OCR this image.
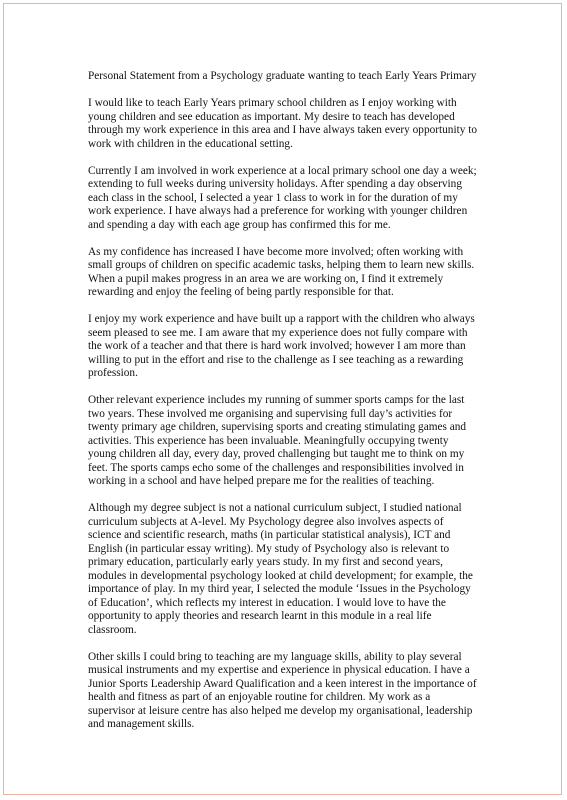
Personal Statement from a Psychology graduate wanting to teach Early Years Primary

I would like to teach Early Years primary school children as I enjoy working with
young children and see education as important. My desire to teach has developed
through my work experience in this area and I have always taken every opportunity to
work with children in the educational setting.

Currently I am involved in work experience at a local primary school one day a week;
extending to full weeks during university holidays. After spending a day observing
each class in the school, I selected a year 1 class to work in for the duration of my
work experience. I have always had a preference for working with younger children
and spending a day with each age group has confirmed this for me.

As my confidence has increased I have become more involved; often working with
small groups of children on specific academic tasks, helping them to learn new skills.
When a pupil makes progress in an area we are working on, I find it extremely
rewarding and enjoy the feeling of being partly responsible for that.

I enjoy my work experience and have built up a rapport with the children who always
seem pleased to see me. I am aware that my experience does not fully compare with
the work of a teacher and that there is hard work involved; however I am more than
willing to put in the effort and rise to the challenge as I see teaching as a rewarding
profession.

Other relevant experience includes my running of summer sports camps for the last
two years. These involved me organising and supervising full day’s activities for
twenty primary age children, supervising sports and creating stimulating games and
activities. This experience has been invaluable. Meaningfully occupying twenty
young children all day, every day, proved challenging but taught me to think on my
feet. The sports camps echo some of the challenges and responsibilities involved in
working in a school and have helped prepare me for the realities of teaching.

Although my degree subject is not a national curriculum subject, I studied national
curriculum subjects at A-level. My Psychology degree also involves aspects of
science and scientific research, maths (in particular statistical analysis), ICT and
English (in particular essay writing). My study of Psychology also is relevant to
primary education, particularly early years study. In my first and second years,
modules in developmental psychology looked at child development; for example, the
importance of play. In my third year, I selected the module ‘Issues in the Psychology
of Education’, which reflects my interest in education. I would love to have the
opportunity to apply theories and research learnt in this module in a real life
classroom.

Other skills I could bring to teaching are my language skills, ability to play several
musical instruments and my expertise and experience in physical education. I have a
Junior Sports Leadership Award Qualification and a keen interest in the importance of
health and fitness as part of an enjoyable routine for children. My work as a
supervisor at leisure centre has also helped me develop my organisational, leadership
and management skills.
